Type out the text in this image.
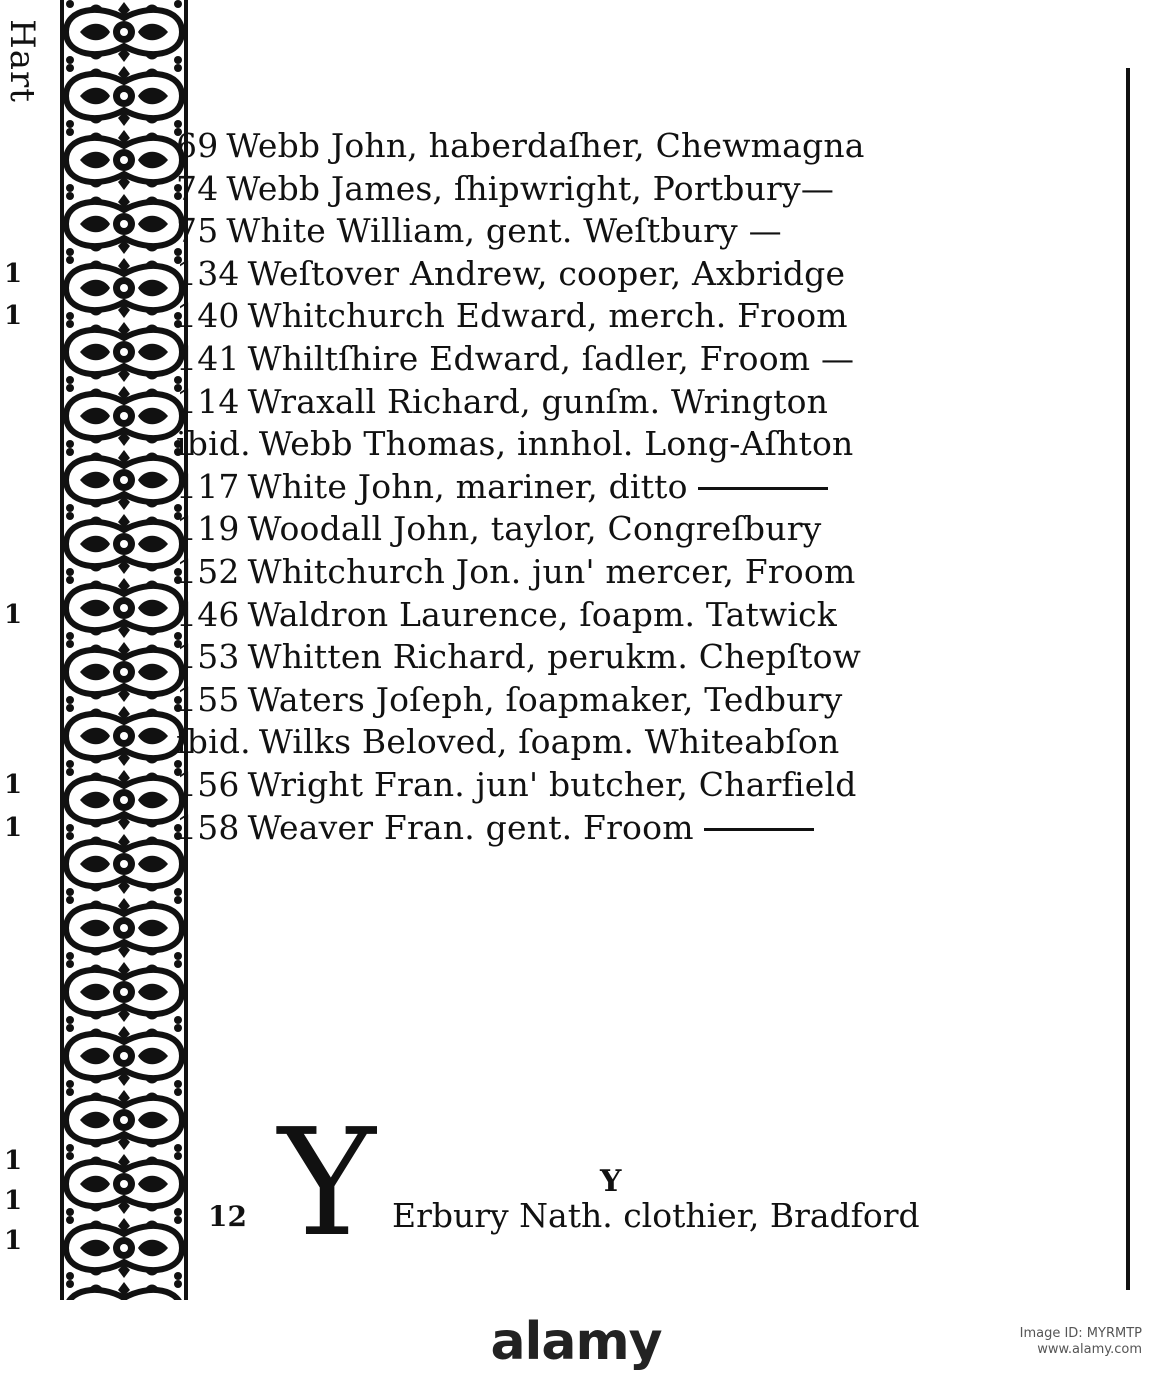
Hart
1
1
1
1
1
1
1
1
69 Webb John, haberdaſher, Chewmagna
74 Webb James, ſhipwright, Portbury—
75 White William, gent. Weſtbury —
134 Weſtover Andrew, cooper, Axbridge
140 Whitchurch Edward, merch. Froom
141 Whiltſhire Edward, ſadler, Froom —
114 Wraxall Richard, gunſm. Wrington
ibid. Webb Thomas, innhol. Long-Aſhton
117 White John, mariner, ditto
119 Woodall John, taylor, Congreſbury
152 Whitchurch Jon. jun' mercer, Froom
146 Waldron Laurence, ſoapm. Tatwick
153 Whitten Richard, perukm. Chepſtow
155 Waters Joſeph, ſoapmaker, Tedbury
ibid. Wilks Beloved, ſoapm. Whiteabſon
156 Wright Fran. jun' butcher, Charfield
158 Weaver Fran. gent. Froom
Y	Y
12	Erbury Nath. clothier, Bradford
alamy	Image ID: MYRMTP
www.alamy.com
